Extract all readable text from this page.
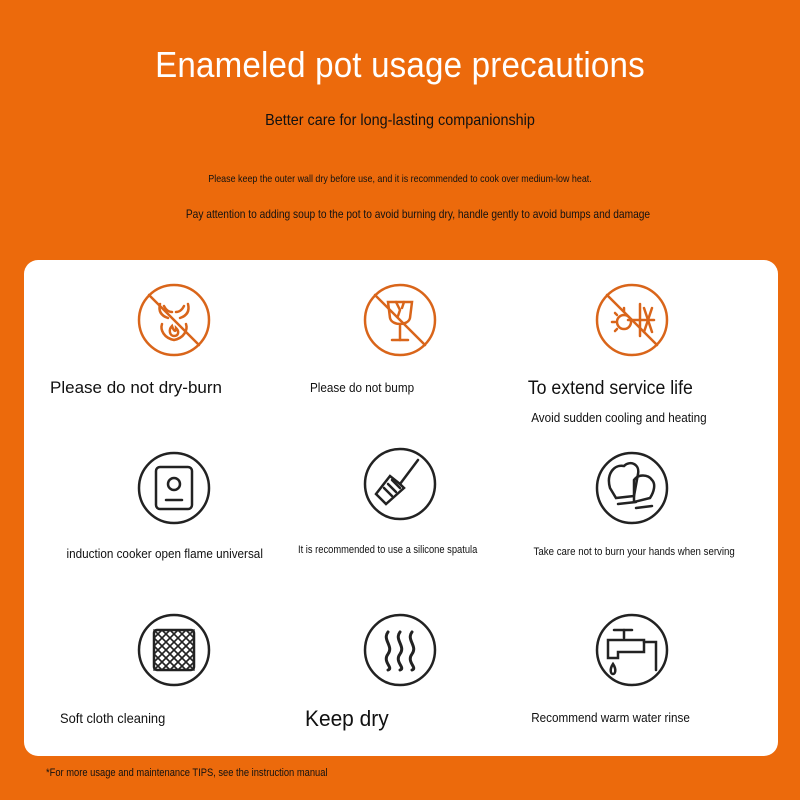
Enameled pot usage precautions
Better care for long-lasting companionship
Please keep the outer wall dry before use, and it is recommended to cook over medium-low heat.
Pay attention to adding soup to the pot to avoid burning dry, handle gently to avoid bumps and damage
Please do not dry-burn	Please do not bump	To extend service life
Avoid sudden cooling and heating
induction cooker open flame universal	It is recommended to use a silicone spatula	Take care not to burn your hands when serving
Soft cloth cleaning	Keep dry	Recommend warm water rinse
*For more usage and maintenance TIPS, see the instruction manual
